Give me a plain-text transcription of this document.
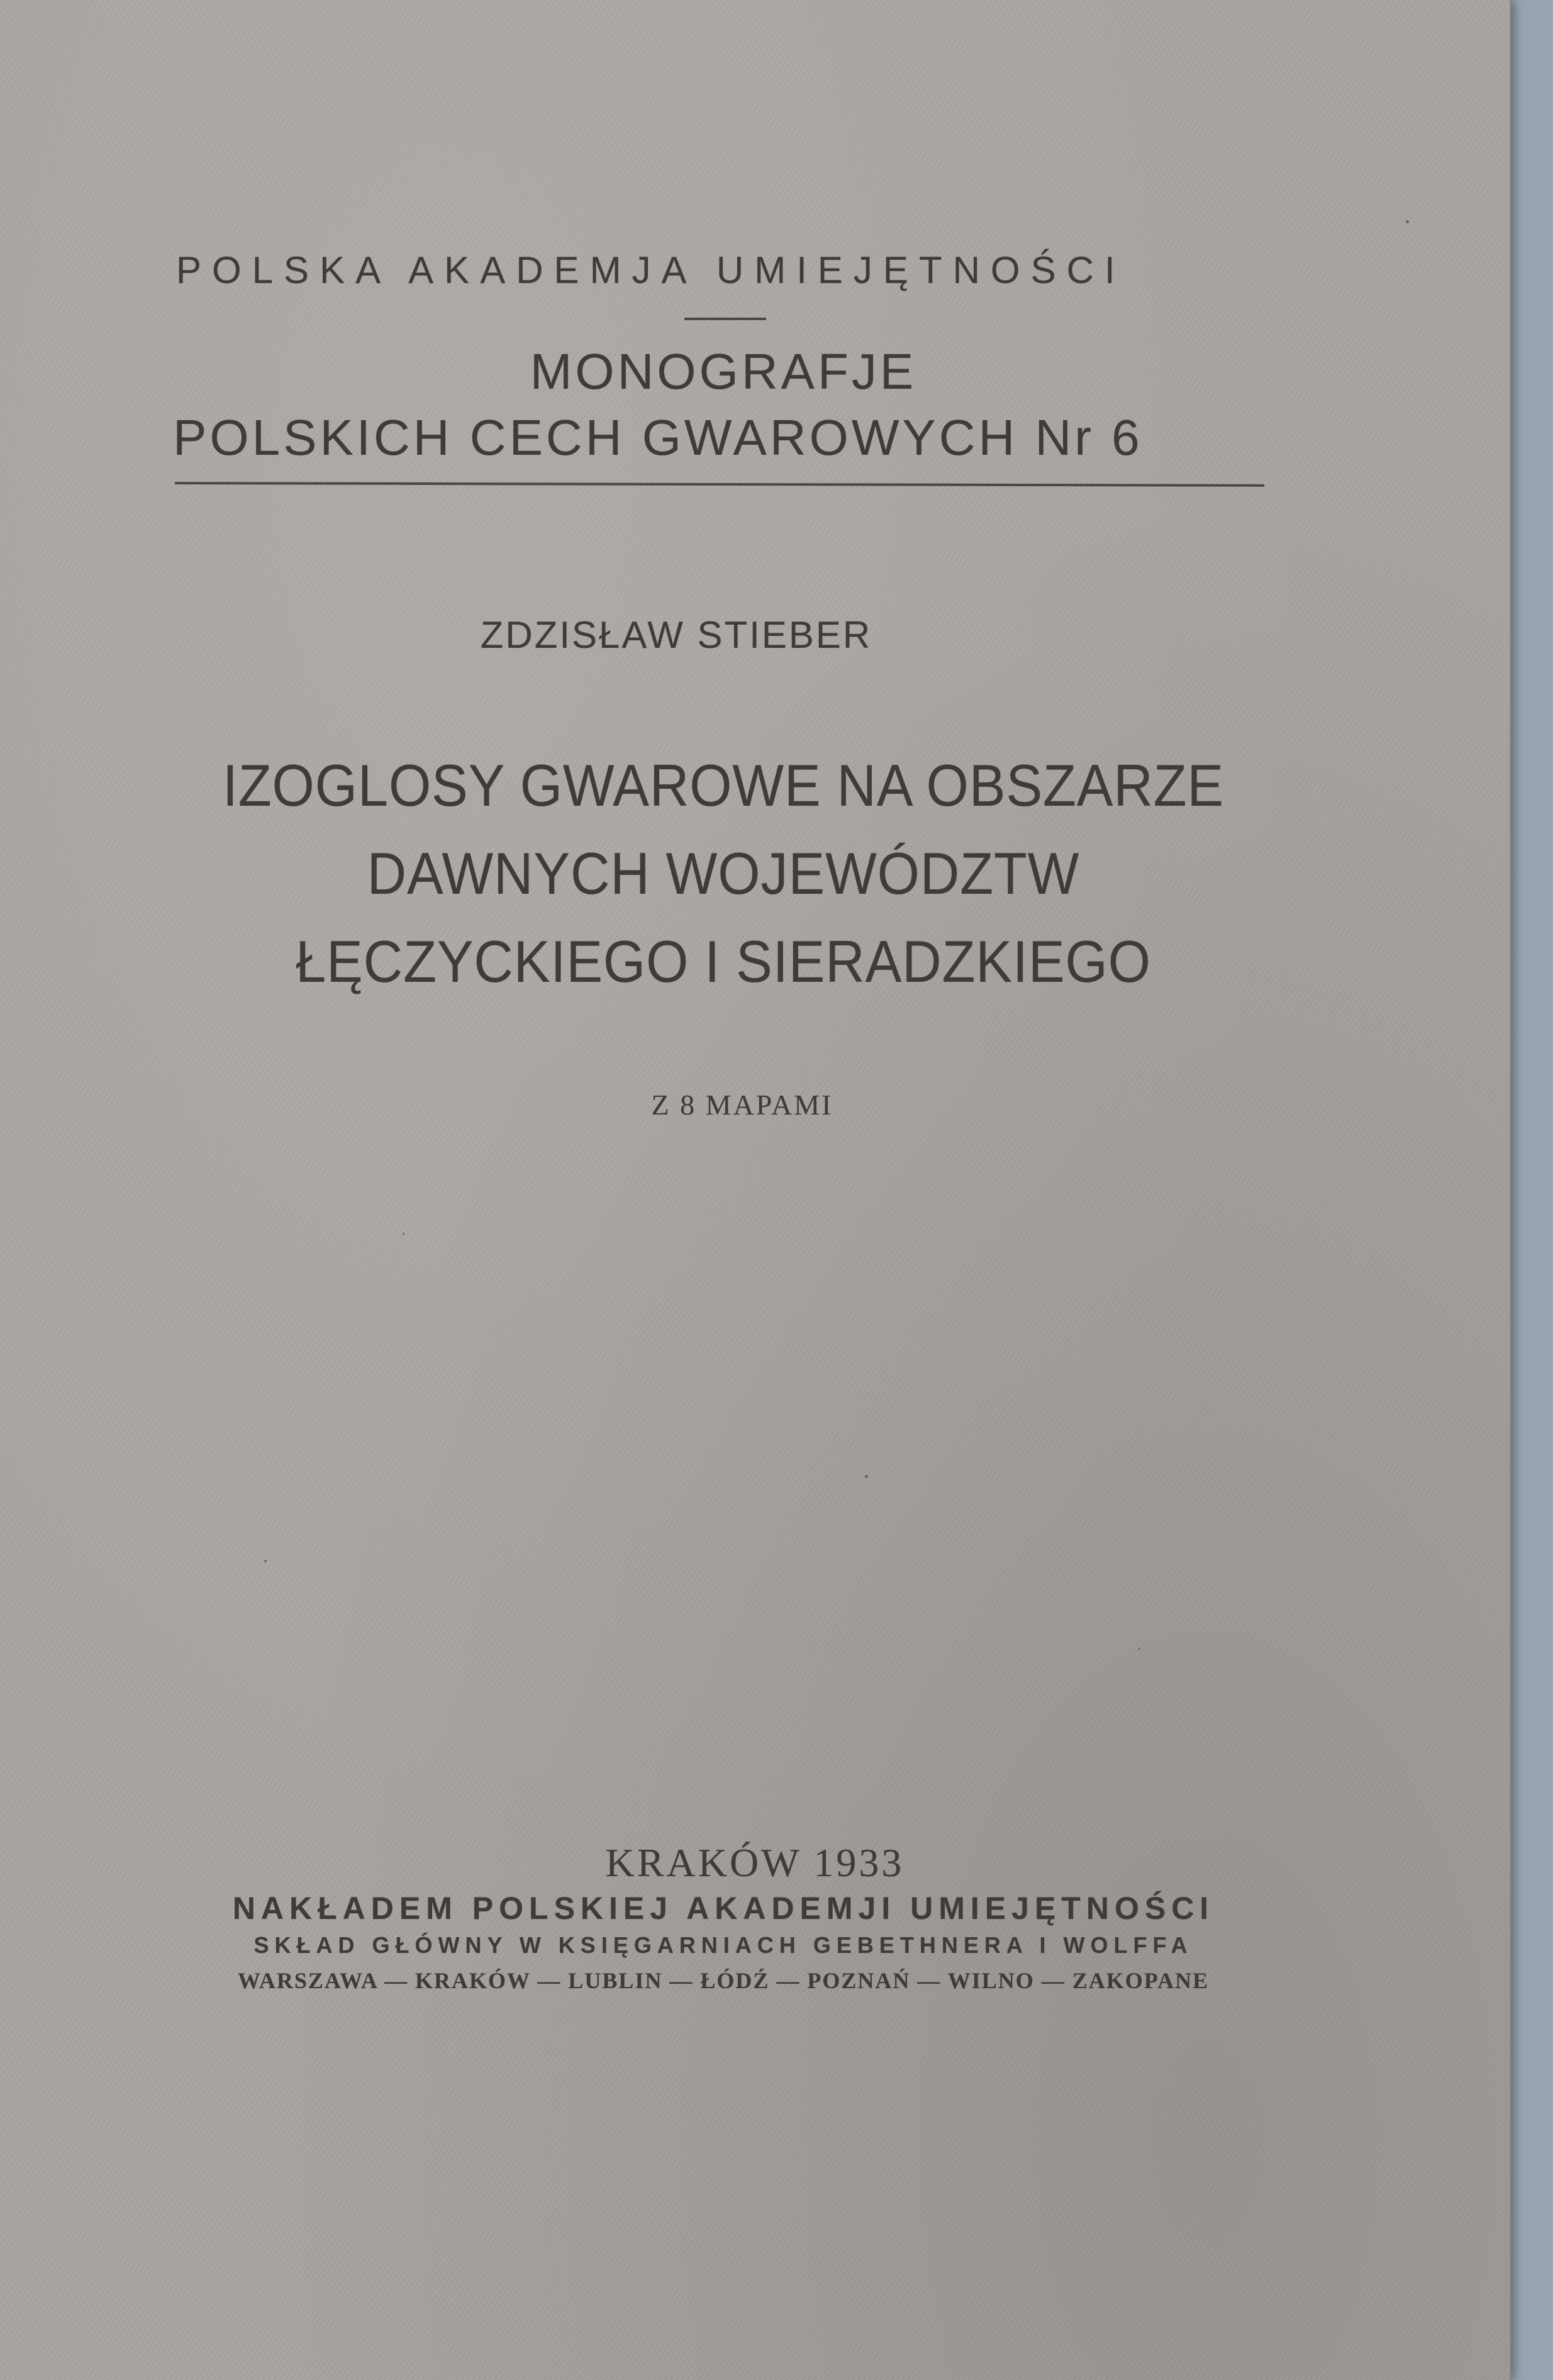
POLSKA AKADEMJA UMIEJĘTNOŚCI
MONOGRAFJE
POLSKICH CECH GWAROWYCH Nr 6
ZDZISŁAW STIEBER
IZOGLOSY GWAROWE NA OBSZARZE
DAWNYCH WOJEWÓDZTW
ŁĘCZYCKIEGO I SIERADZKIEGO
Z 8 MAPAMI
KRAKÓW 1933
NAKŁADEM POLSKIEJ AKADEMJI UMIEJĘTNOŚCI
SKŁAD GŁÓWNY W KSIĘGARNIACH GEBETHNERA I WOLFFA
WARSZAWA — KRAKÓW — LUBLIN — ŁÓDŹ — POZNAŃ — WILNO — ZAKOPANE
